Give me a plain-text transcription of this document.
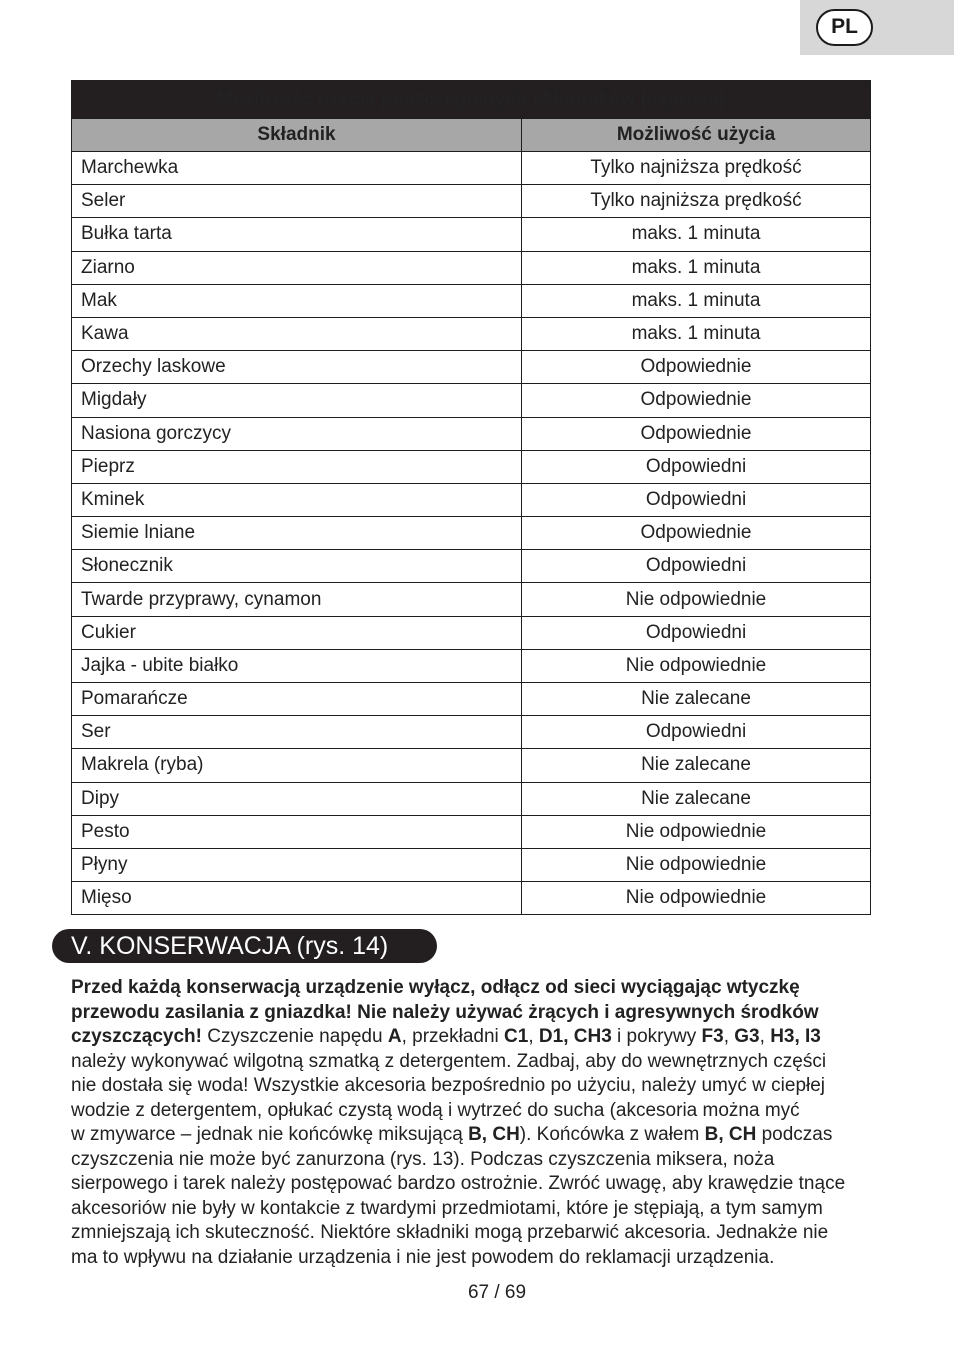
PL
Możliwość użycia poszczególnych składników (express)	
Składnik	Możliwość użycia
Marchewka	Tylko najniższa prędkość
Seler	Tylko najniższa prędkość
Bułka tarta	maks. 1 minuta
Ziarno	maks. 1 minuta
Mak	maks. 1 minuta
Kawa	maks. 1 minuta
Orzechy laskowe	Odpowiednie
Migdały	Odpowiednie
Nasiona gorczycy	Odpowiednie
Pieprz	Odpowiedni
Kminek	Odpowiedni
Siemie lniane	Odpowiednie
Słonecznik	Odpowiedni
Twarde przyprawy, cynamon	Nie odpowiednie
Cukier	Odpowiedni
Jajka - ubite białko	Nie odpowiednie
Pomarańcze	Nie zalecane
Ser	Odpowiedni
Makrela (ryba)	Nie zalecane
Dipy	Nie zalecane
Pesto	Nie odpowiednie
Płyny	Nie odpowiednie
Mięso	Nie odpowiednie
V. KONSERWACJA (rys. 14)

Przed każdą konserwacją urządzenie wyłącz, odłącz od sieci wyciągając wtyczkę

przewodu zasilania z gniazdka! Nie należy używać żrących i agresywnych środków

czyszczących! Czyszczenie napędu A, przekładni C1, D1, CH3 i pokrywy F3, G3, H3, I3

należy wykonywać wilgotną szmatką z detergentem. Zadbaj, aby do wewnętrznych części

nie dostała się woda! Wszystkie akcesoria bezpośrednio po użyciu, należy umyć w ciepłej

wodzie z detergentem, opłukać czystą wodą i wytrzeć do sucha (akcesoria można myć

w zmywarce – jednak nie końcówkę miksującą B, CH). Końcówka z wałem B, CH podczas

czyszczenia nie może być zanurzona (rys. 13). Podczas czyszczenia miksera, noża

sierpowego i tarek należy postępować bardzo ostrożnie. Zwróć uwagę, aby krawędzie tnące

akcesoriów nie były w kontakcie z twardymi przedmiotami, które je stępiają, a tym samym

zmniejszają ich skuteczność. Niektóre składniki mogą przebarwić akcesoria. Jednakże nie

ma to wpływu na działanie urządzenia i nie jest powodem do reklamacji urządzenia.

67 / 69
